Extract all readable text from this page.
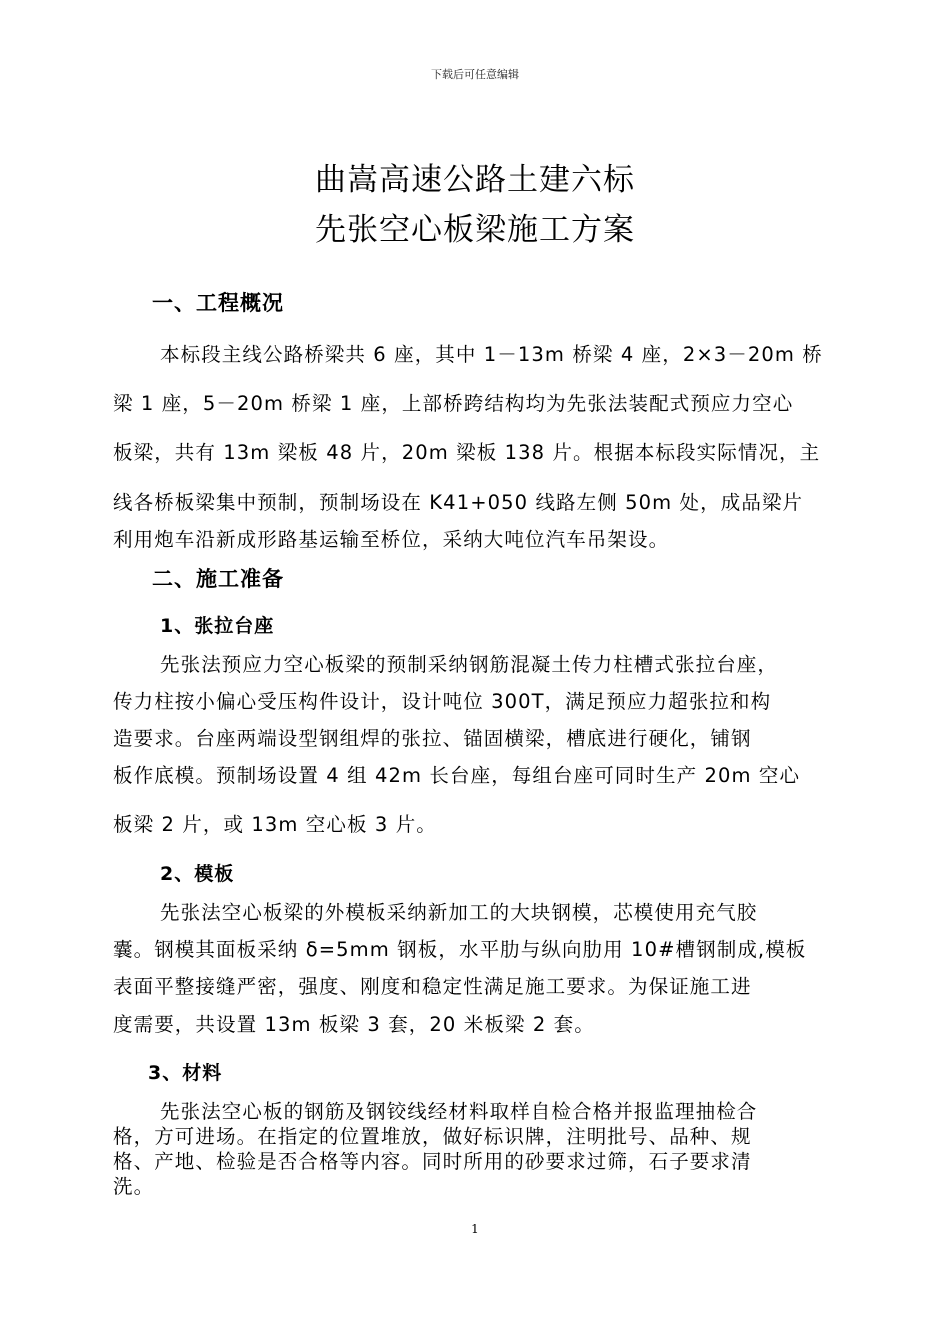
下载后可任意编辑
曲嵩高速公路土建六标
先张空心板梁施工方案
一、工程概况
本标段主线公路桥梁共 6 座，其中 1－13m 桥梁 4 座，2×3－20m 桥
梁 1 座，5－20m 桥梁 1 座，上部桥跨结构均为先张法装配式预应力空心
板梁，共有 13m 梁板 48 片，20m 梁板 138 片。根据本标段实际情况，主
线各桥板梁集中预制，预制场设在 K41+050 线路左侧 50m 处，成品梁片
利用炮车沿新成形路基运输至桥位，采纳大吨位汽车吊架设。
二、施工准备
1、张拉台座
先张法预应力空心板梁的预制采纳钢筋混凝土传力柱槽式张拉台座，
传力柱按小偏心受压构件设计，设计吨位 300T，满足预应力超张拉和构
造要求。台座两端设型钢组焊的张拉、锚固横梁，槽底进行硬化，铺钢
板作底模。预制场设置 4 组 42m 长台座，每组台座可同时生产 20m 空心
板梁 2 片，或 13m 空心板 3 片。
2、模板
先张法空心板梁的外模板采纳新加工的大块钢模，芯模使用充气胶
囊。钢模其面板采纳 δ=5mm 钢板，水平肋与纵向肋用 10#槽钢制成,模板
表面平整接缝严密，强度、刚度和稳定性满足施工要求。为保证施工进
度需要，共设置 13m 板梁 3 套，20 米板梁 2 套。
3、材料
先张法空心板的钢筋及钢铰线经材料取样自检合格并报监理抽检合
格，方可进场。在指定的位置堆放，做好标识牌，注明批号、品种、规
格、产地、检验是否合格等内容。同时所用的砂要求过筛，石子要求清
洗。
1
